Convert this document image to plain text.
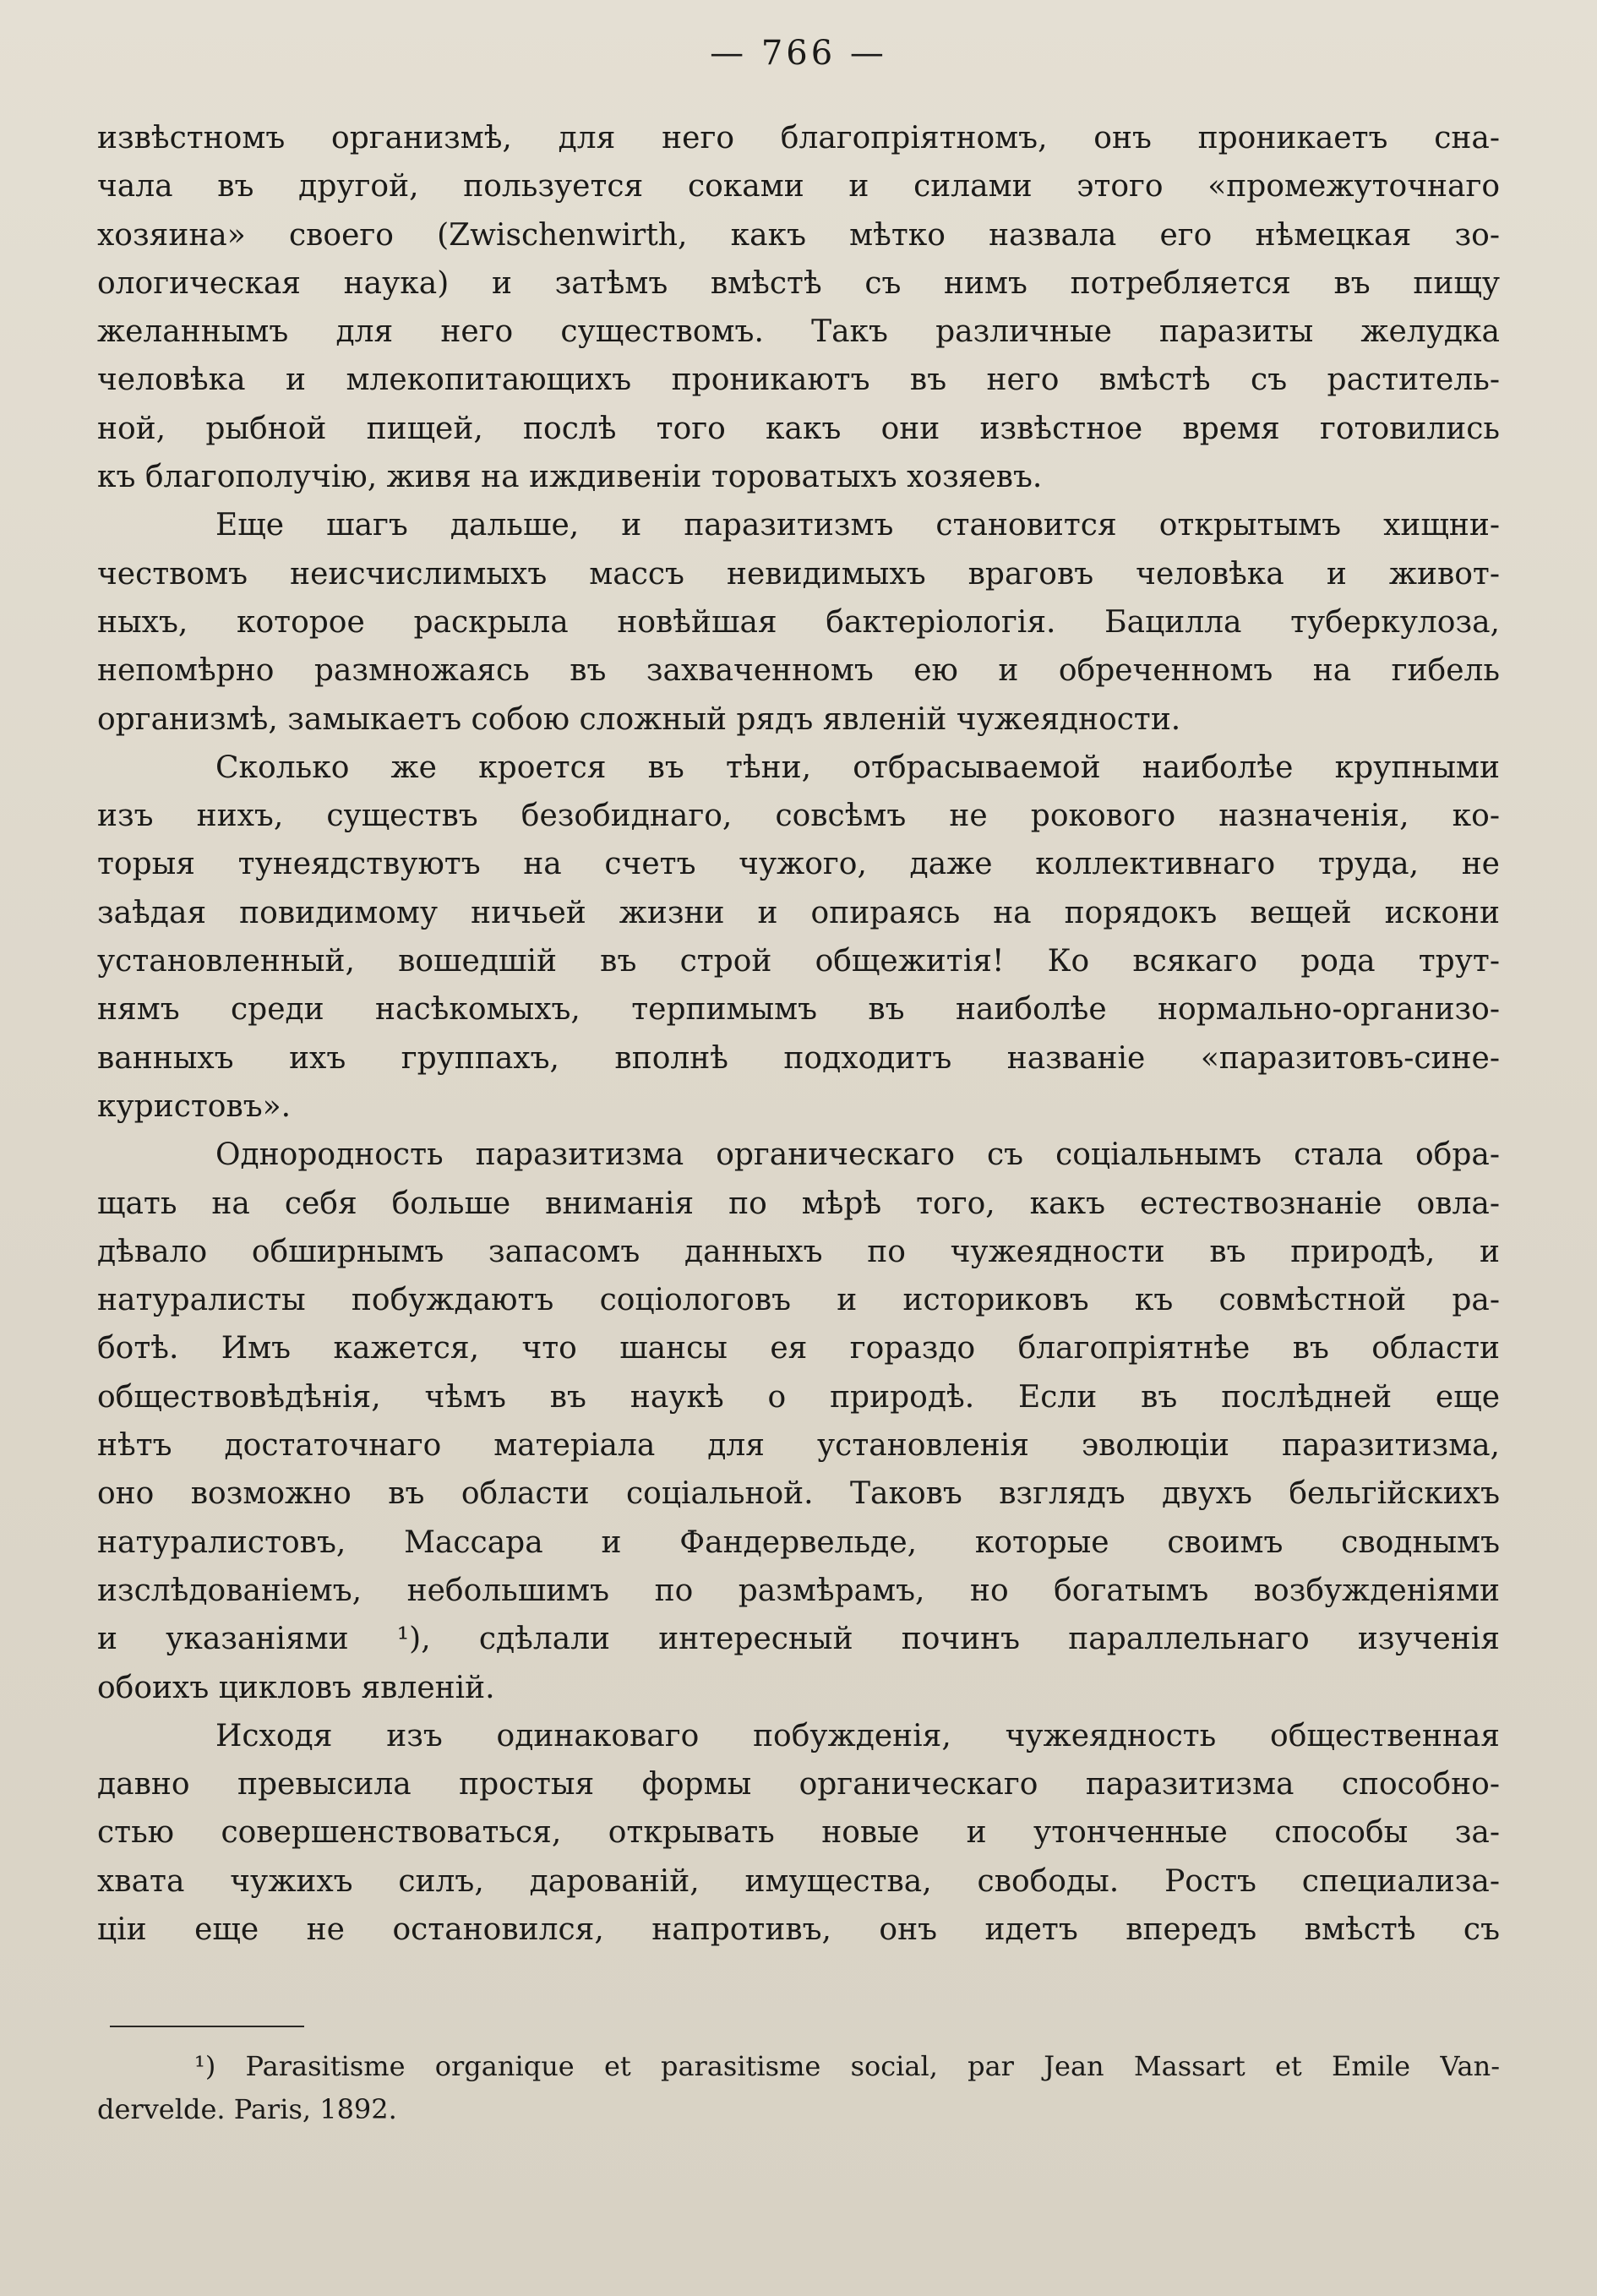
— 766 —
извѣстномъ организмѣ, для него благопріятномъ, онъ проникаетъ сна-
чала въ другой, пользуется соками и силами этого «промежуточнаго
хозяина» своего (Zwischenwirth, какъ мѣтко назвала его нѣмецкая зо-
ологическая наука) и затѣмъ вмѣстѣ съ нимъ потребляется въ пищу
желаннымъ для него существомъ. Такъ различные паразиты желудка
человѣка и млекопитающихъ проникаютъ въ него вмѣстѣ съ раститель-
ной, рыбной пищей, послѣ того какъ они извѣстное время готовились
къ благополучію, живя на иждивеніи тороватыхъ хозяевъ.
Еще шагъ дальше, и паразитизмъ становится открытымъ хищни-
чествомъ неисчислимыхъ массъ невидимыхъ враговъ человѣка и живот-
ныхъ, которое раскрыла новѣйшая бактеріологія. Бацилла туберкулоза,
непомѣрно размножаясь въ захваченномъ ею и обреченномъ на гибель
организмѣ, замыкаетъ собою сложный рядъ явленій чужеядности.
Сколько же кроется въ тѣни, отбрасываемой наиболѣе крупными
изъ нихъ, существъ безобиднаго, совсѣмъ не рокового назначенія, ко-
торыя тунеядствуютъ на счетъ чужого, даже коллективнаго труда, не
заѣдая повидимому ничьей жизни и опираясь на порядокъ вещей искони
установленный, вошедшій въ строй общежитія! Ко всякаго рода трут-
нямъ среди насѣкомыхъ, терпимымъ въ наиболѣе нормально-организо-
ванныхъ ихъ группахъ, вполнѣ подходитъ названіе «паразитовъ-сине-
куристовъ».
Однородность паразитизма органическаго съ соціальнымъ стала обра-
щать на себя больше вниманія по мѣрѣ того, какъ естествознаніе овла-
дѣвало обширнымъ запасомъ данныхъ по чужеядности въ природѣ, и
натуралисты побуждаютъ соціологовъ и историковъ къ совмѣстной ра-
ботѣ. Имъ кажется, что шансы ея гораздо благопріятнѣе въ области
обществовѣдѣнія, чѣмъ въ наукѣ о природѣ. Если въ послѣдней еще
нѣтъ достаточнаго матеріала для установленія эволюціи паразитизма,
оно возможно въ области соціальной. Таковъ взглядъ двухъ бельгійскихъ
натуралистовъ, Массара и Фандервельде, которые своимъ своднымъ
изслѣдованіемъ, небольшимъ по размѣрамъ, но богатымъ возбужденіями
и указаніями ¹), сдѣлали интересный починъ параллельнаго изученія
обоихъ цикловъ явленій.
Исходя изъ одинаковаго побужденія, чужеядность общественная
давно превысила простыя формы органическаго паразитизма способно-
стью совершенствоваться, открывать новые и утонченные способы за-
хвата чужихъ силъ, дарованій, имущества, свободы. Ростъ специализа-
ціи еще не остановился, напротивъ, онъ идетъ впередъ вмѣстѣ съ
¹) Parasitisme organique et parasitisme social, par Jean Massart et Emile Van-
dervelde. Paris, 1892.
